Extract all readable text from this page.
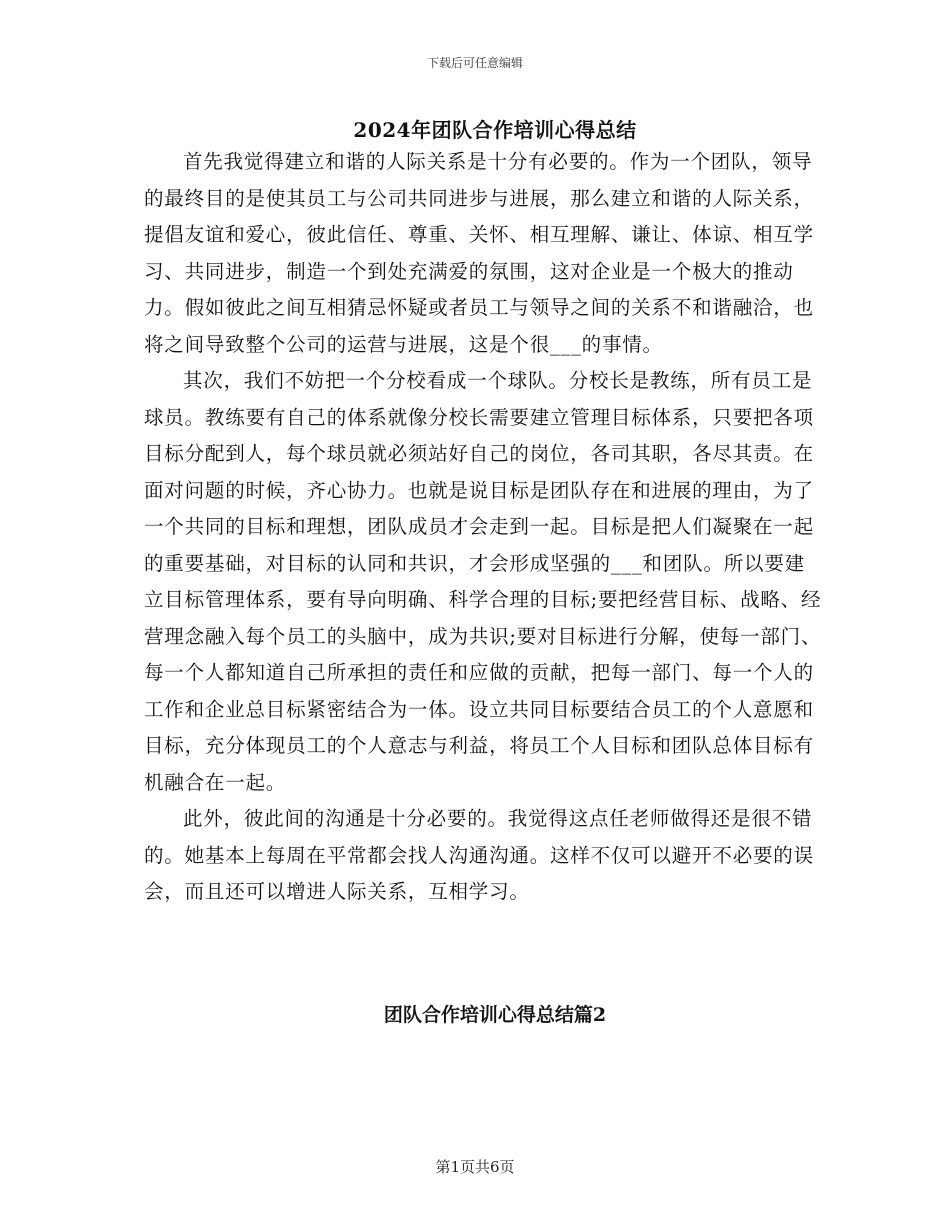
下载后可任意编辑
2024年团队合作培训心得总结

首先我觉得建立和谐的人际关系是十分有必要的。作为一个团队，领导的最终目的是使其员工与公司共同进步与进展，那么建立和谐的人际关系，提倡友谊和爱心，彼此信任、尊重、关怀、相互理解、谦让、体谅、相互学习、共同进步，制造一个到处充满爱的氛围，这对企业是一个极大的推动力。假如彼此之间互相猜忌怀疑或者员工与领导之间的关系不和谐融洽，也将之间导致整个公司的运营与进展，这是个很___的事情。

其次，我们不妨把一个分校看成一个球队。分校长是教练，所有员工是球员。教练要有自己的体系就像分校长需要建立管理目标体系，只要把各项目标分配到人，每个球员就必须站好自己的岗位，各司其职，各尽其责。在面对问题的时候，齐心协力。也就是说目标是团队存在和进展的理由，为了一个共同的目标和理想，团队成员才会走到一起。目标是把人们凝聚在一起的重要基础，对目标的认同和共识，才会形成坚强的___和团队。所以要建立目标管理体系，要有导向明确、科学合理的目标;要把经营目标、战略、经营理念融入每个员工的头脑中，成为共识;要对目标进行分解，使每一部门、每一个人都知道自己所承担的责任和应做的贡献，把每一部门、每一个人的工作和企业总目标紧密结合为一体。设立共同目标要结合员工的个人意愿和目标，充分体现员工的个人意志与利益，将员工个人目标和团队总体目标有机融合在一起。

此外，彼此间的沟通是十分必要的。我觉得这点任老师做得还是很不错的。她基本上每周在平常都会找人沟通沟通。这样不仅可以避开不必要的误会，而且还可以增进人际关系，互相学习。

团队合作培训心得总结篇2
第1页共6页
